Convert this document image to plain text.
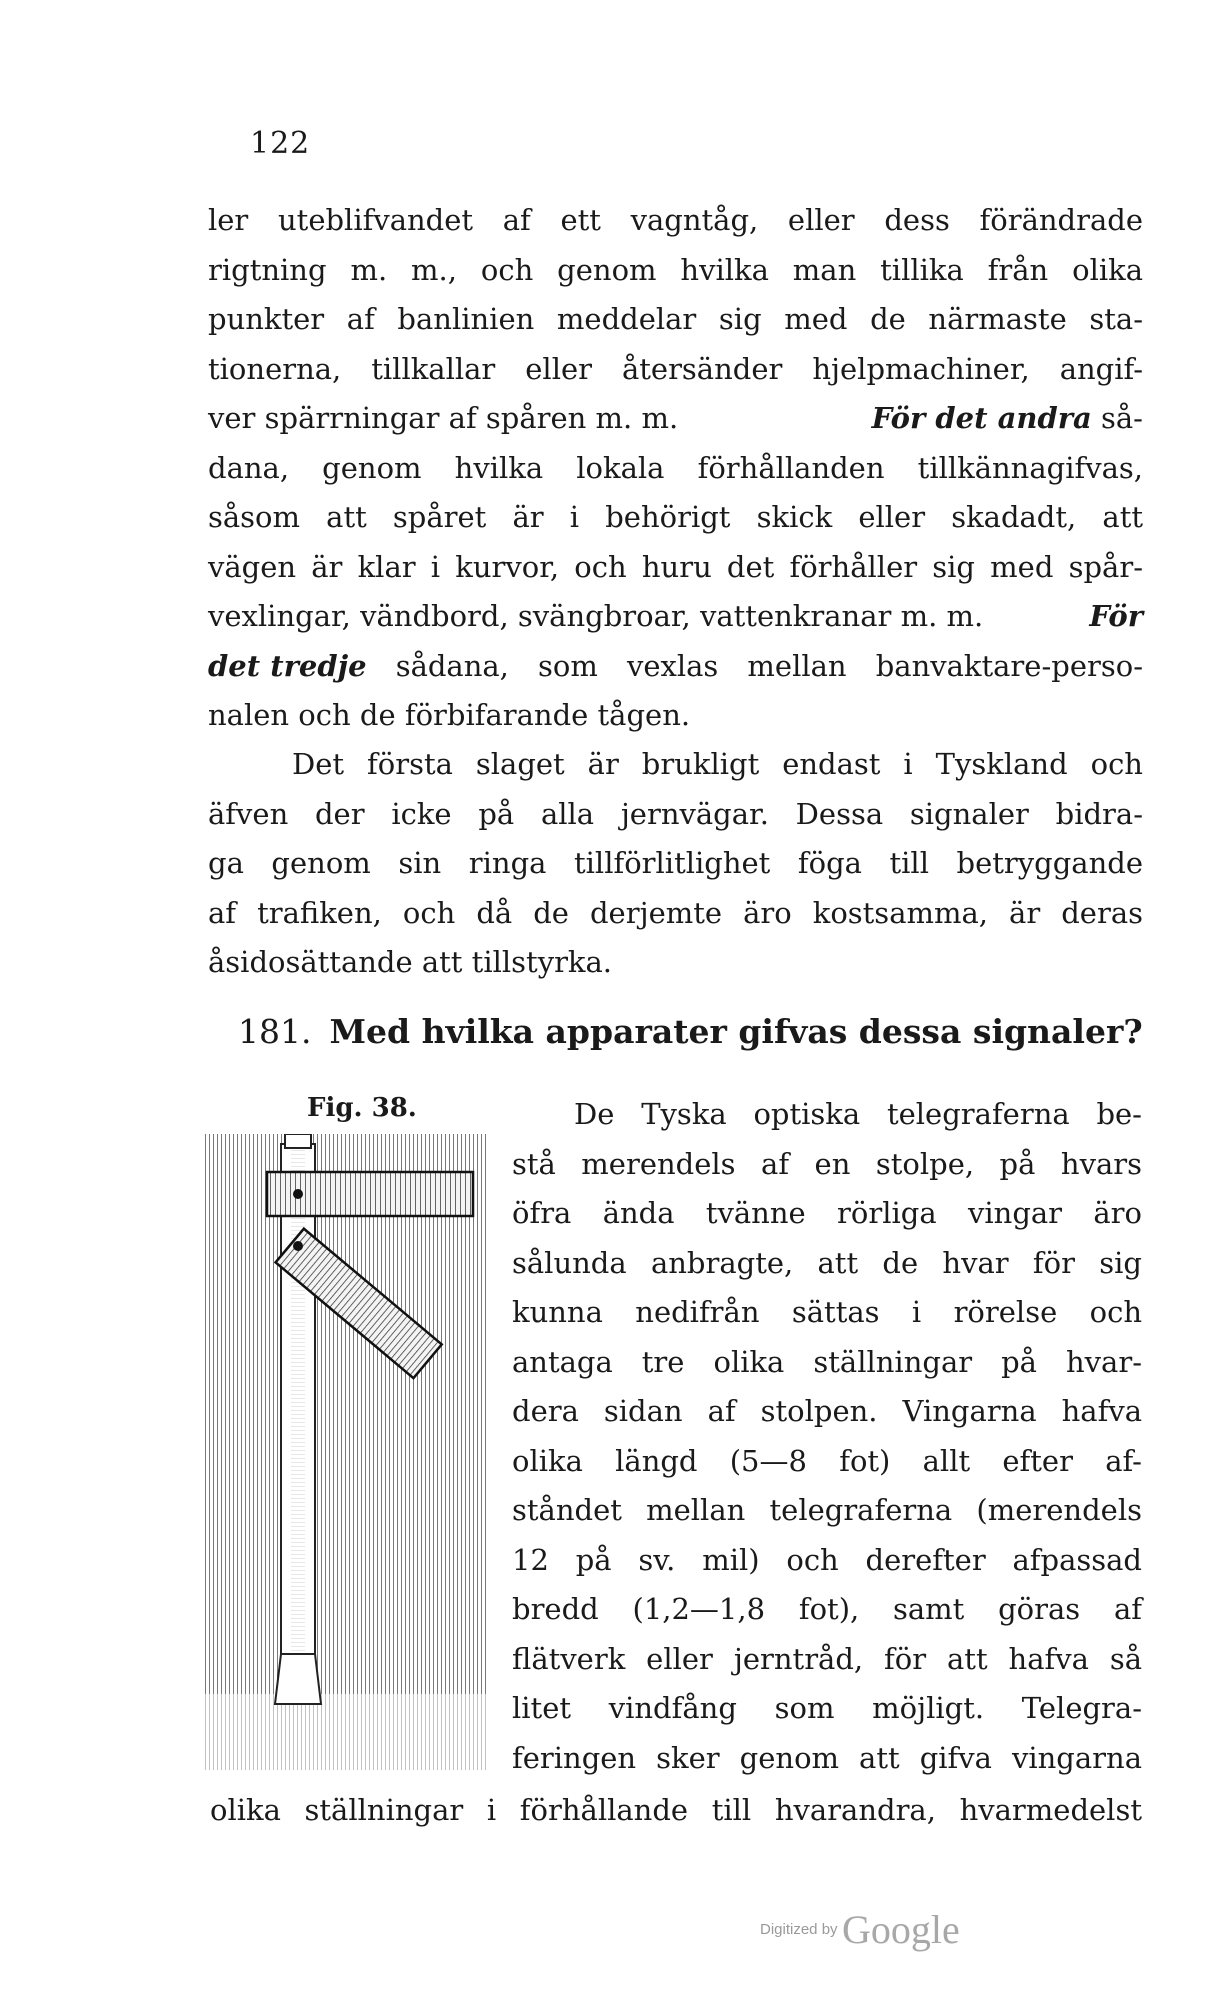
122
ler uteblifvandet af ett vagntåg, eller dess förändrade
rigtning m. m., och genom hvilka man tillika från olika
punkter af banlinien meddelar sig med de närmaste sta-
tionerna, tillkallar eller återsänder hjelpmachiner, angif-
ver spärrningar af spåren m. m.	För det andra så-
dana, genom hvilka lokala förhållanden tillkännagifvas,
såsom att spåret är i behörigt skick eller skadadt, att
vägen är klar i kurvor, och huru det förhåller sig med spår-
vexlingar, vändbord, svängbroar, vattenkranar m. m.	För
det tredje sådana, som vexlas mellan banvaktare-perso-
nalen och de förbifarande tågen.
Det första slaget är brukligt endast i Tyskland och
äfven der icke på alla jernvägar. Dessa signaler bidra-
ga genom sin ringa tillförlitlighet föga till betryggande
af trafiken, och då de derjemte äro kostsamma, är deras
åsidosättande att tillstyrka.
181. Med hvilka apparater gifvas dessa signaler?
Fig. 38.	De Tyska optiska telegraferna be-
stå merendels af en stolpe, på hvars
öfra ända tvänne rörliga vingar äro
sålunda anbragte, att de hvar för sig
kunna nedifrån sättas i rörelse och
antaga tre olika ställningar på hvar-
dera sidan af stolpen. Vingarna hafva
olika längd (5—8 fot) allt efter af-
ståndet mellan telegraferna (merendels
12 på sv. mil) och derefter afpassad
bredd (1,2—1,8 fot), samt göras af
flätverk eller jerntråd, för att hafva så
litet vindfång som möjligt. Telegra-
feringen sker genom att gifva vingarna
olika ställningar i förhållande till hvarandra, hvarmedelst
Digitized by Google
